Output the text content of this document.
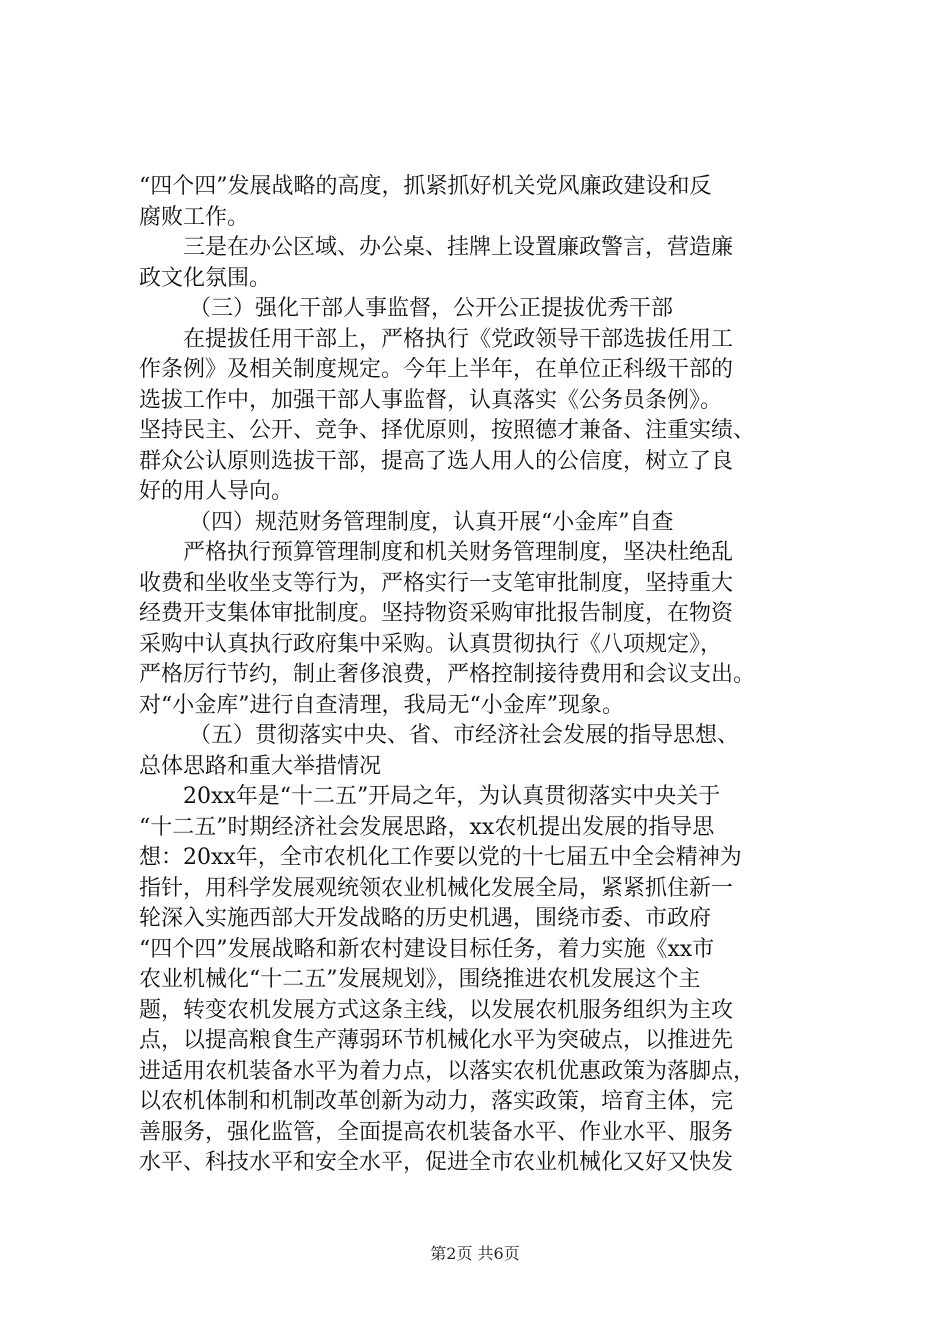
“四个四”发展战略的高度，抓紧抓好机关党风廉政建设和反
腐败工作。
三是在办公区域、办公桌、挂牌上设置廉政警言，营造廉
政文化氛围。
（三）强化干部人事监督，公开公正提拔优秀干部
在提拔任用干部上，严格执行《党政领导干部选拔任用工
作条例》及相关制度规定。今年上半年，在单位正科级干部的
选拔工作中，加强干部人事监督，认真落实《公务员条例》。
坚持民主、公开、竞争、择优原则，按照德才兼备、注重实绩、
群众公认原则选拔干部，提高了选人用人的公信度，树立了良
好的用人导向。
（四）规范财务管理制度，认真开展“小金库”自查
严格执行预算管理制度和机关财务管理制度，坚决杜绝乱
收费和坐收坐支等行为，严格实行一支笔审批制度，坚持重大
经费开支集体审批制度。坚持物资采购审批报告制度，在物资
采购中认真执行政府集中采购。认真贯彻执行《八项规定》，
严格厉行节约，制止奢侈浪费，严格控制接待费用和会议支出。
对“小金库”进行自查清理，我局无“小金库”现象。
（五）贯彻落实中央、省、市经济社会发展的指导思想、
总体思路和重大举措情况
20xx年是“十二五”开局之年，为认真贯彻落实中央关于
“十二五”时期经济社会发展思路，xx农机提出发展的指导思
想：20xx年，全市农机化工作要以党的十七届五中全会精神为
指针，用科学发展观统领农业机械化发展全局，紧紧抓住新一
轮深入实施西部大开发战略的历史机遇，围绕市委、市政府
“四个四”发展战略和新农村建设目标任务，着力实施《xx市
农业机械化“十二五”发展规划》，围绕推进农机发展这个主
题，转变农机发展方式这条主线，以发展农机服务组织为主攻
点，以提高粮食生产薄弱环节机械化水平为突破点，以推进先
进适用农机装备水平为着力点，以落实农机优惠政策为落脚点，
以农机体制和机制改革创新为动力，落实政策，培育主体，完
善服务，强化监管，全面提高农机装备水平、作业水平、服务
水平、科技水平和安全水平，促进全市农业机械化又好又快发
第2页 共6页
